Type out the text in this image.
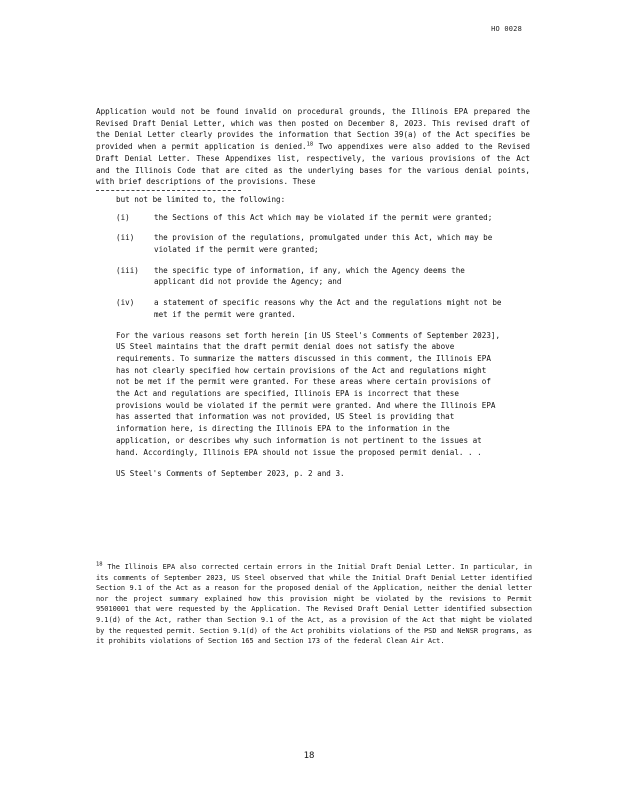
HO 0028

Application would not be found invalid on procedural grounds, the Illinois EPA prepared the Revised Draft Denial Letter, which was then posted on December 8, 2023. This revised draft of the Denial Letter clearly provides the information that Section 39(a) of the Act specifies be provided when a permit application is denied.$^{18}$ Two appendixes were also added to the Revised Draft Denial Letter. These Appendixes list, respectively, the various provisions of the Act and the Illinois Code that are cited as the underlying bases for the various denial points, with brief descriptions of the provisions. These

but not be limited to, the following:

(i)	the Sections of this Act which may be violated if the permit were granted;
(ii)	the provision of the regulations, promulgated under this Act, which may be violated if the permit were granted;
(iii)	the specific type of information, if any, which the Agency deems the applicant did not provide the Agency; and
(iv)	a statement of specific reasons why the Act and the regulations might not be met if the permit were granted.

For the various reasons set forth herein [in US Steel's Comments of September 2023], US Steel maintains that the draft permit denial does not satisfy the above requirements. To summarize the matters discussed in this comment, the Illinois EPA has not clearly specified how certain provisions of the Act and regulations might not be met if the permit were granted. For these areas where certain provisions of the Act and regulations are specified, Illinois EPA is incorrect that these provisions would be violated if the permit were granted. And where the Illinois EPA has asserted that information was not provided, US Steel is providing that information here, is directing the Illinois EPA to the information in the application, or describes why such information is not pertinent to the issues at hand. Accordingly, Illinois EPA should not issue the proposed permit denial. . .

US Steel's Comments of September 2023, p. 2 and 3.

$^{18}$ The Illinois EPA also corrected certain errors in the Initial Draft Denial Letter. In particular, in its comments of September 2023, US Steel observed that while the Initial Draft Denial Letter identified Section 9.1 of the Act as a reason for the proposed denial of the Application, neither the denial letter nor the project summary explained how this provision might be violated by the revisions to Permit 95010001 that were requested by the Application. The Revised Draft Denial Letter identified subsection 9.1(d) of the Act, rather than Section 9.1 of the Act, as a provision of the Act that might be violated by the requested permit. Section 9.1(d) of the Act prohibits violations of the PSD and NeNSR programs, as it prohibits violations of Section 165 and Section 173 of the federal Clean Air Act.
18
